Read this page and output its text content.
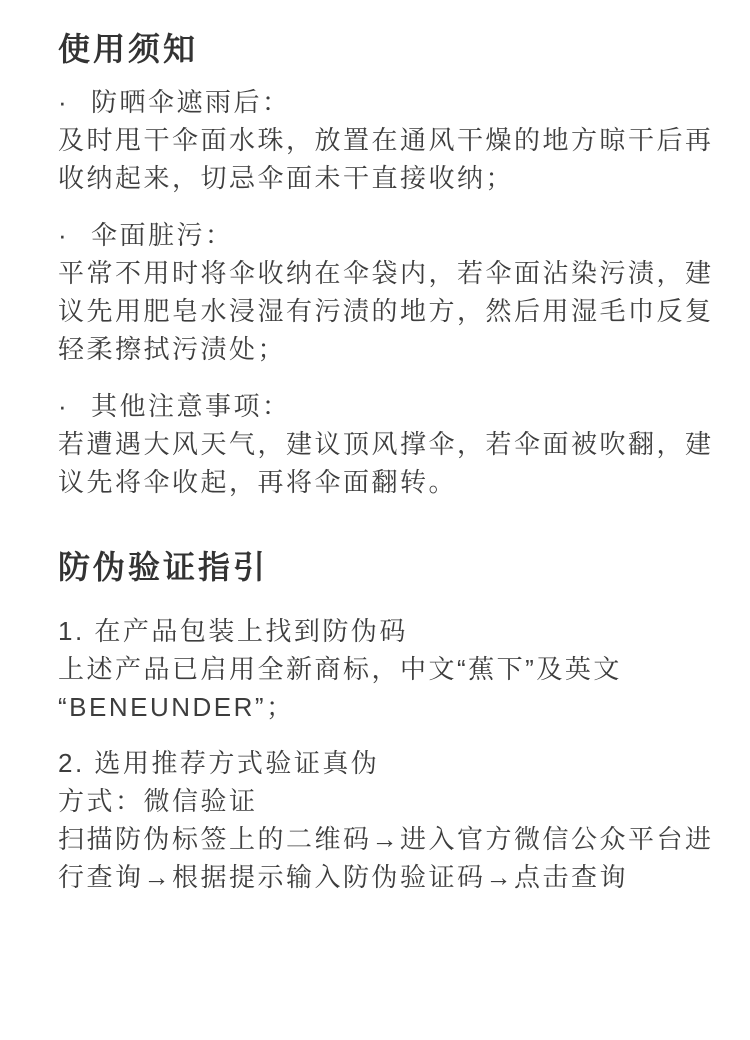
使用须知
· 防晒伞遮雨后：

及时甩干伞面水珠，放置在通风干燥的地方晾干后再

收纳起来，切忌伞面未干直接收纳；

· 伞面脏污：

平常不用时将伞收纳在伞袋内，若伞面沾染污渍，建

议先用肥皂水浸湿有污渍的地方，然后用湿毛巾反复

轻柔擦拭污渍处；

· 其他注意事项：

若遭遇大风天气，建议顶风撑伞，若伞面被吹翻，建

议先将伞收起，再将伞面翻转。

防伪验证指引

1. 在产品包装上找到防伪码

上述产品已启用全新商标，中文“蕉下”及英文

“BENEUNDER”；

2. 选用推荐方式验证真伪

方式：微信验证

扫描防伪标签上的二维码→进入官方微信公众平台进

行查询→根据提示输入防伪验证码→点击查询
